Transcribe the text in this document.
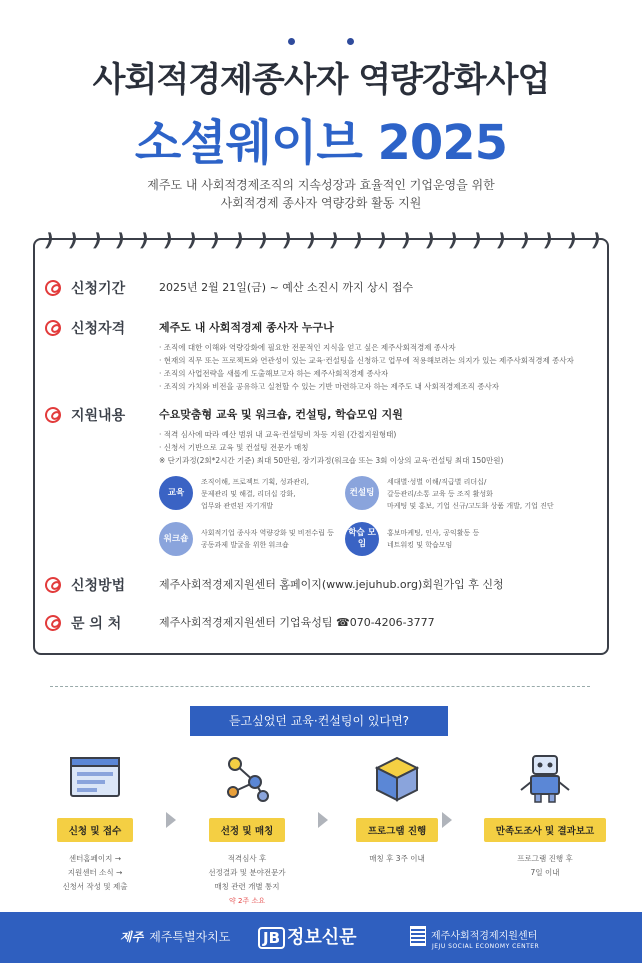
사회적경제종사자 역량강화사업
소셜웨이브 2025
제주도 내 사회적경제조직의 지속성장과 효율적인 기업운영을 위한
사회적경제 종사자 역량강화 활동 지원
) ) ) ) ) ) ) ) ) ) ) ) ) ) ) ) ) ) ) ) ) ) ) )
신청기간	2025년 2월 21일(금) ~ 예산 소진시 까지 상시 접수
신청자격	제주도 내 사회적경제 종사자 누구나
· 조직에 대한 이해와 역량강화에 필요한 전문적인 지식을 얻고 싶은 제주사회적경제 종사자
· 현재의 직무 또는 프로젝트와 연관성이 있는 교육·컨설팅을 신청하고 업무에 적용해보려는 의지가 있는 제주사회적경제 종사자
· 조직의 사업전략을 새롭게 도출해보고자 하는 제주사회적경제 종사자
· 조직의 가치와 비전을 공유하고 실천할 수 있는 기반 마련하고자 하는 제주도 내 사회적경제조직 종사자
지원내용	수요맞춤형 교육 및 워크숍, 컨설팅, 학습모임 지원
· 적격 심사에 따라 예산 범위 내 교육·컨설팅비 차등 지원 (간접지원형태)
· 신청서 기반으로 교육 및 컨설팅 전문가 매칭
※ 단기과정(2회*2시간 기준) 최대 50만원, 장기과정(워크숍 또는 3회 이상의 교육·컨설팅 최대 150만원)
교육
조직이해, 프로젝트 기획, 성과관리,
문제관리 및 해결, 리더십 강화,
업무와 관련된 자기개발
컨설팅
세대별·성별 이해/직급별 리더십/
갈등관리/소통 교육 등 조직 활성화
마케팅 및 홍보, 기업 신규/고도화 상품 개발, 기업 진단
워크숍
사회적기업 종사자 역량강화 및 비전수립 등
공동과제 발굴을 위한 워크숍
학습 모임
홍보마케팅, 인사, 공익활동 등
네트워킹 및 학습모임
신청방법	제주사회적경제지원센터 홈페이지(www.jejuhub.org)회원가입 후 신청
문 의 처	제주사회적경제지원센터 기업육성팀 ☎070-4206-3777
듣고싶었던 교육·컨설팅이 있다면?
신청 및 접수
센터홈페이지 →
지원센터 소식 →
신청서 작성 및 제출
선정 및 매칭
적격심사 후
선정결과 및 분야전문가
매칭 관련 개별 통지
약 2주 소요
프로그램 진행
매칭 후 3주 이내
만족도조사 및 결과보고
프로그램 진행 후
7일 이내
제주 제주특별자치도	JB 정보신문	제주사회적경제지원센터
JEJU SOCIAL ECONOMY CENTER
